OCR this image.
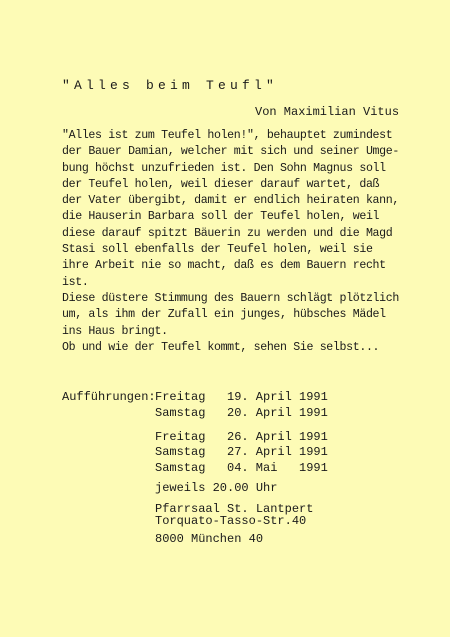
"Alles beim Teufl"
Von Maximilian Vitus
"Alles ist zum Teufel holen!", behauptet zumindest
der Bauer Damian, welcher mit sich und seiner Umge-
bung höchst unzufrieden ist. Den Sohn Magnus soll
der Teufel holen, weil dieser darauf wartet, daß
der Vater übergibt, damit er endlich heiraten kann,
die Hauserin Barbara soll der Teufel holen, weil
diese darauf spitzt Bäuerin zu werden und die Magd
Stasi soll ebenfalls der Teufel holen, weil sie
ihre Arbeit nie so macht, daß es dem Bauern recht
ist.
Diese düstere Stimmung des Bauern schlägt plötzlich
um, als ihm der Zufall ein junges, hübsches Mädel
ins Haus bringt.
Ob und wie der Teufel kommt, sehen Sie selbst...
Aufführungen: Freitag 19. April 1991
Samstag 20. April 1991
Freitag 26. April 1991
Samstag 27. April 1991
Samstag 04. Mai   1991
jeweils 20.00 Uhr
Pfarrsaal St. Lantpert
Torquato-Tasso-Str.40
8000 München 40
